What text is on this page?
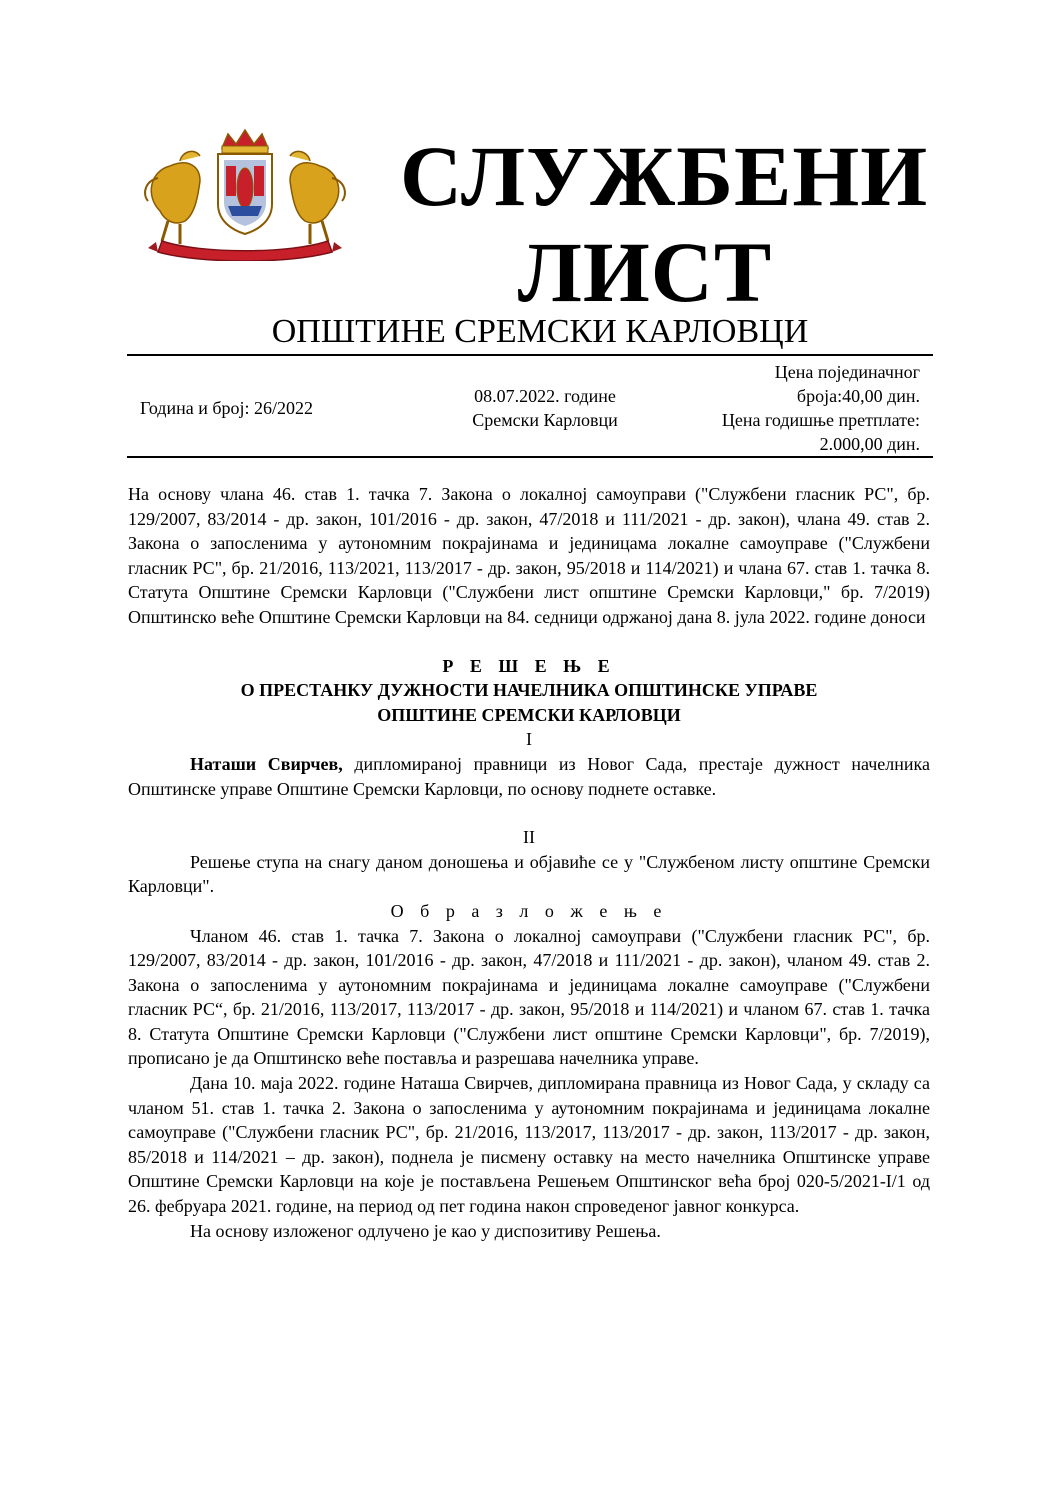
СЛУЖБЕНИ
ЛИСТ
ОПШТИНЕ СРЕМСКИ КАРЛОВЦИ
Година и број: 26/2022
08.07.2022. године
Сремски Карловци
Цена појединачног
броја:40,00 дин.
Цена годишње претплате:
2.000,00 дин.

На основу члана 46. став 1. тачка 7. Закона о локалној самоуправи ("Службени гласник РС", бр. 129/2007, 83/2014 - др. закон, 101/2016 - др. закон, 47/2018 и 111/2021 - др. закон), члана 49. став 2. Закона о запосленима у аутономним покрајинама и јединицама локалне самоуправе ("Службени гласник РС", бр. 21/2016, 113/2021, 113/2017 - др. закон, 95/2018 и 114/2021) и члана 67. став 1. тачка 8. Статута Општине Сремски Карловци ("Службени лист општине Сремски Карловци," бр. 7/2019) Општинско веће Општине Сремски Карловци на 84. седници одржаној дана 8. јула 2022. године доноси

Р Е Ш Е Њ Е

О ПРЕСТАНКУ ДУЖНОСТИ НАЧЕЛНИКА ОПШТИНСКЕ УПРАВЕ

ОПШТИНЕ СРЕМСКИ КАРЛОВЦИ

I

Наташи Свирчев, дипломираној правници из Новог Сада, престаје дужност начелника Општинске управе Општине Сремски Карловци, по основу поднете оставке.

II

Решење ступа на снагу даном доношења и објавиће се у "Службеном листу општине Сремски Карловци".

О б р а з л о ж е њ е

Чланом 46. став 1. тачка 7. Закона о локалној самоуправи ("Службени гласник РС", бр. 129/2007, 83/2014 - др. закон, 101/2016 - др. закон, 47/2018 и 111/2021 - др. закон), чланом 49. став 2. Закона о запосленима у аутономним покрајинама и јединицама локалне самоуправе ("Службени гласник РС“, бр. 21/2016, 113/2017, 113/2017 - др. закон, 95/2018 и 114/2021) и чланом 67. став 1. тачка 8. Статута Општине Сремски Карловци ("Службени лист општине Сремски Карловци", бр. 7/2019), прописано је да Општинско веће поставља и разрешава начелника управе.

Дана 10. маја 2022. године Наташа Свирчев, дипломирана правница из Новог Сада, у складу са чланом 51. став 1. тачка 2. Закона о запосленима у аутономним покрајинама и јединицама локалне самоуправе ("Службени гласник РС", бр. 21/2016, 113/2017, 113/2017 - др. закон, 113/2017 - др. закон, 85/2018 и 114/2021 – др. закон), поднела је писмену оставку на место начелника Општинске управе Општине Сремски Карловци на које је постављена Решењем Општинског већа број 020-5/2021-I/1 од 26. фебруара 2021. године, на период од пет година након спроведеног јавног конкурса.

На основу изложеног одлучено је као у диспозитиву Решења.
